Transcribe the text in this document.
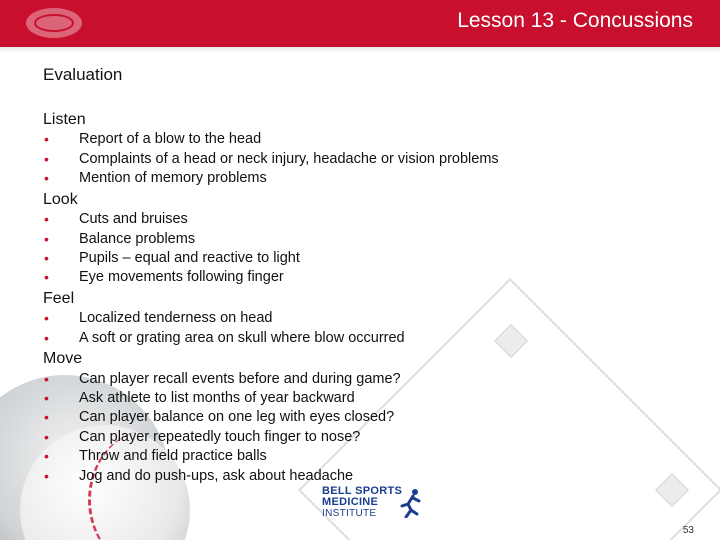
Lesson 13 - Concussions
Evaluation
Listen
• Report of a blow to the head
• Complaints of a head or neck injury, headache or vision problems
• Mention of memory problems
Look
• Cuts and bruises
• Balance problems
• Pupils – equal and reactive to light
• Eye movements following finger
Feel
• Localized tenderness on head
• A soft or grating area on skull where blow occurred
Move
• Can player recall events before and during game?
• Ask athlete to list months of year backward
• Can player balance on one leg with eyes closed?
• Can player repeatedly touch finger to nose?
• Throw and field practice balls
• Jog and do push-ups, ask about headache
BELL SPORTS
MEDICINE
INSTITUTE
53
